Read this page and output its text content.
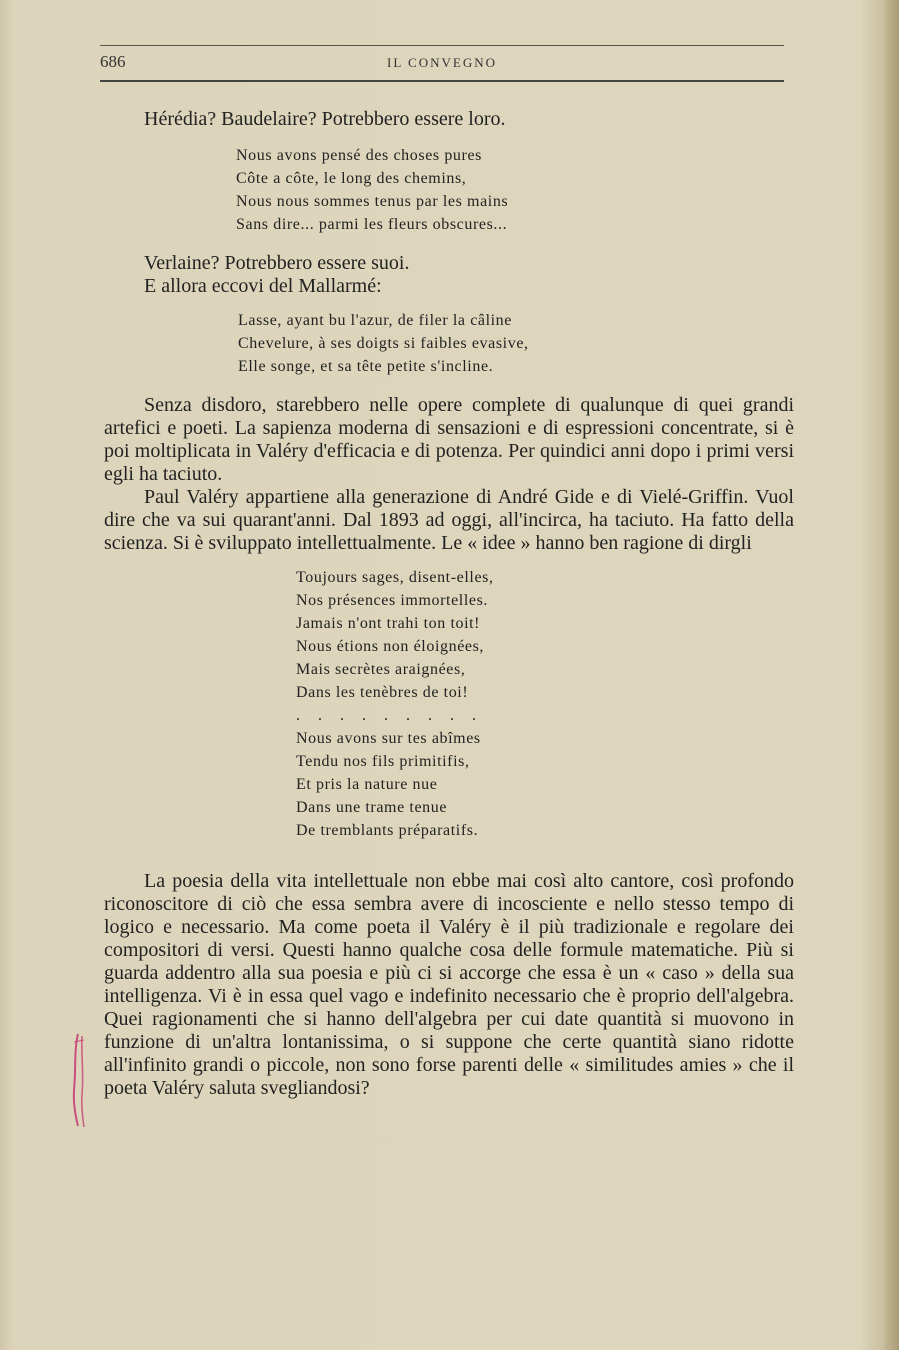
686	IL CONVEGNO

Hérédia? Baudelaire? Potrebbero essere loro.

Nous avons pensé des choses pures
Côte a côte, le long des chemins,
Nous nous sommes tenus par les mains
Sans dire... parmi les fleurs obscures...

Verlaine? Potrebbero essere suoi.

E allora eccovi del Mallarmé:

Lasse, ayant bu l'azur, de filer la câline
Chevelure, à ses doigts si faibles evasive,
Elle songe, et sa tête petite s'incline.

Senza disdoro, starebbero nelle opere complete di qualunque di quei grandi artefici e poeti. La sapienza moderna di sensazioni e di espressioni concentrate, si è poi moltiplicata in Valéry d'efficacia e di potenza. Per quindici anni dopo i primi versi egli ha taciuto.

Paul Valéry appartiene alla generazione di André Gide e di Vielé-Griffin. Vuol dire che va sui quarant'anni. Dal 1893 ad oggi, all'incirca, ha taciuto. Ha fatto della scienza. Si è sviluppato intellettualmente. Le « idee » hanno ben ragione di dirgli

Toujours sages, disent-elles,
Nos présences immortelles.
Jamais n'ont trahi ton toit!
Nous étions non éloignées,
Mais secrètes araignées,
Dans les tenèbres de toi!
. . . . . . . . .
Nous avons sur tes abîmes
Tendu nos fils primitifis,
Et pris la nature nue
Dans une trame tenue
De tremblants préparatifs.

La poesia della vita intellettuale non ebbe mai così alto cantore, così profondo riconoscitore di ciò che essa sembra avere di incosciente e nello stesso tempo di logico e necessario. Ma come poeta il Valéry è il più tradizionale e regolare dei compositori di versi. Questi hanno qualche cosa delle formule matematiche. Più si guarda addentro alla sua poesia e più ci si accorge che essa è un « caso » della sua intelligenza. Vi è in essa quel vago e indefinito necessario che è proprio dell'algebra. Quei ragionamenti che si hanno dell'algebra per cui date quantità si muovono in funzione di un'altra lontanissima, o si suppone che certe quantità siano ridotte all'infinito grandi o piccole, non sono forse parenti delle « similitudes amies » che il poeta Valéry saluta svegliandosi?
